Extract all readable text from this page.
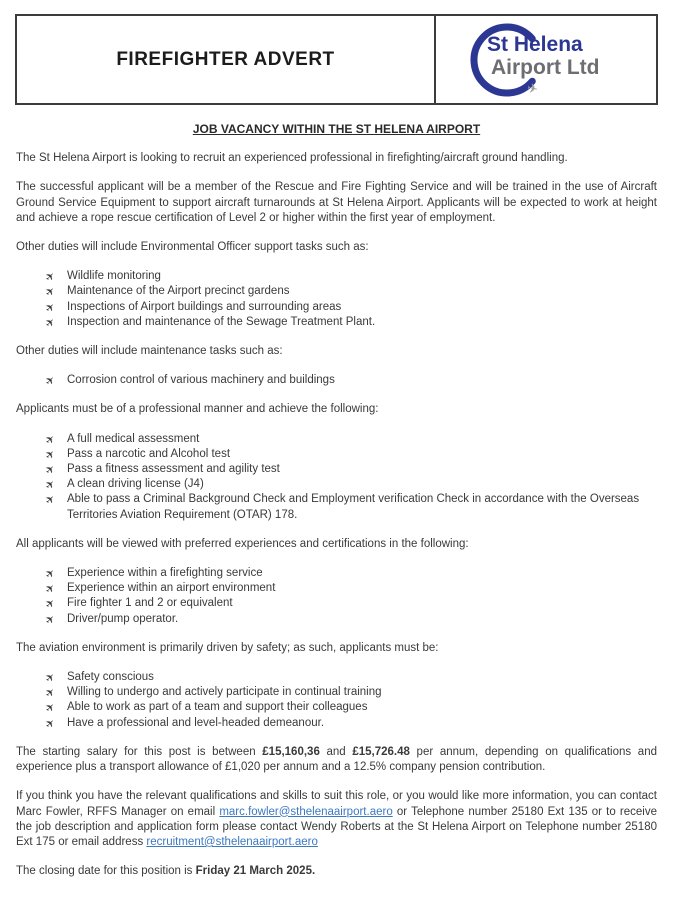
FIREFIGHTER ADVERT
✈
St Helena
Airport Ltd
JOB VACANCY WITHIN THE ST HELENA AIRPORT

The St Helena Airport is looking to recruit an experienced professional in firefighting/aircraft ground handling.

The successful applicant will be a member of the Rescue and Fire Fighting Service and will be trained in the use of Aircraft Ground Service Equipment to support aircraft turnarounds at St Helena Airport. Applicants will be expected to work at height and achieve a rope rescue certification of Level 2 or higher within the first year of employment.

Other duties will include Environmental Officer support tasks such as:

✈ Wildlife monitoring
✈ Maintenance of the Airport precinct gardens
✈ Inspections of Airport buildings and surrounding areas
✈ Inspection and maintenance of the Sewage Treatment Plant.

Other duties will include maintenance tasks such as:

✈ Corrosion control of various machinery and buildings

Applicants must be of a professional manner and achieve the following:

✈ A full medical assessment
✈ Pass a narcotic and Alcohol test
✈ Pass a fitness assessment and agility test
✈ A clean driving license (J4)
✈ Able to pass a Criminal Background Check and Employment verification Check in accordance with the Overseas Territories Aviation Requirement (OTAR) 178.

All applicants will be viewed with preferred experiences and certifications in the following:

✈ Experience within a firefighting service
✈ Experience within an airport environment
✈ Fire fighter 1 and 2 or equivalent
✈ Driver/pump operator.

The aviation environment is primarily driven by safety; as such, applicants must be:

✈ Safety conscious
✈ Willing to undergo and actively participate in continual training
✈ Able to work as part of a team and support their colleagues
✈ Have a professional and level-headed demeanour.

The starting salary for this post is between £15,160,36 and £15,726.48 per annum, depending on qualifications and experience plus a transport allowance of £1,020 per annum and a 12.5% company pension contribution.

If you think you have the relevant qualifications and skills to suit this role, or you would like more information, you can contact Marc Fowler, RFFS Manager on email marc.fowler@sthelenaairport.aero or Telephone number 25180 Ext 135 or to receive the job description and application form please contact Wendy Roberts at the St Helena Airport on Telephone number 25180 Ext 175 or email address recruitment@sthelenaairport.aero

The closing date for this position is Friday 21 March 2025.
